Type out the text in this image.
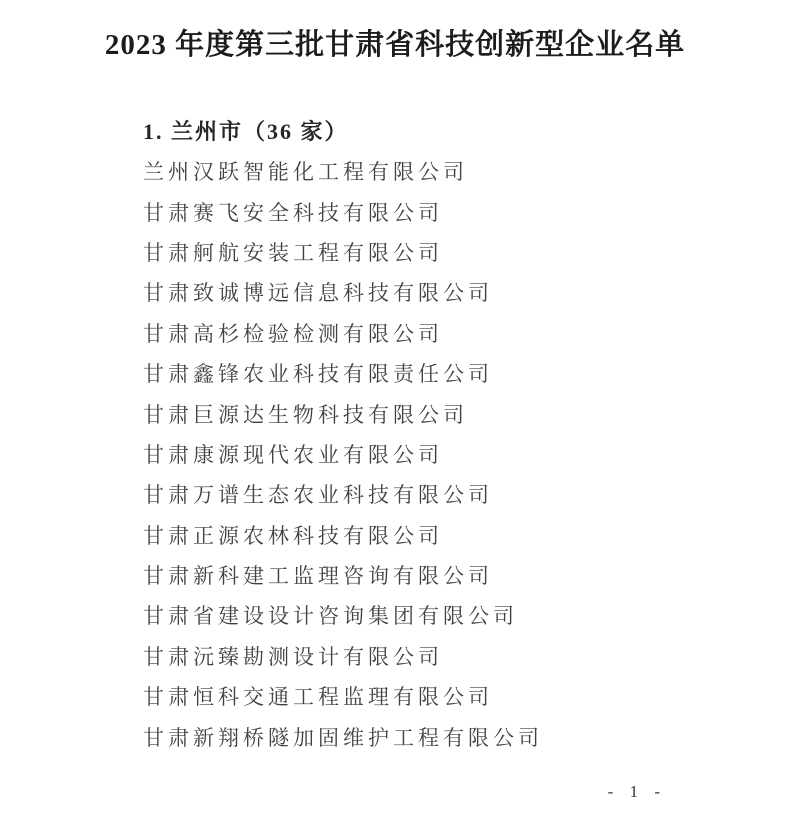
2023 年度第三批甘肃省科技创新型企业名单
1. 兰州市（36 家）
兰州汉跃智能化工程有限公司
甘肃赛飞安全科技有限公司
甘肃舸航安装工程有限公司
甘肃致诚博远信息科技有限公司
甘肃高杉检验检测有限公司
甘肃鑫锋农业科技有限责任公司
甘肃巨源达生物科技有限公司
甘肃康源现代农业有限公司
甘肃万谱生态农业科技有限公司
甘肃正源农林科技有限公司
甘肃新科建工监理咨询有限公司
甘肃省建设设计咨询集团有限公司
甘肃沅臻勘测设计有限公司
甘肃恒科交通工程监理有限公司
甘肃新翔桥隧加固维护工程有限公司
- 1 -
